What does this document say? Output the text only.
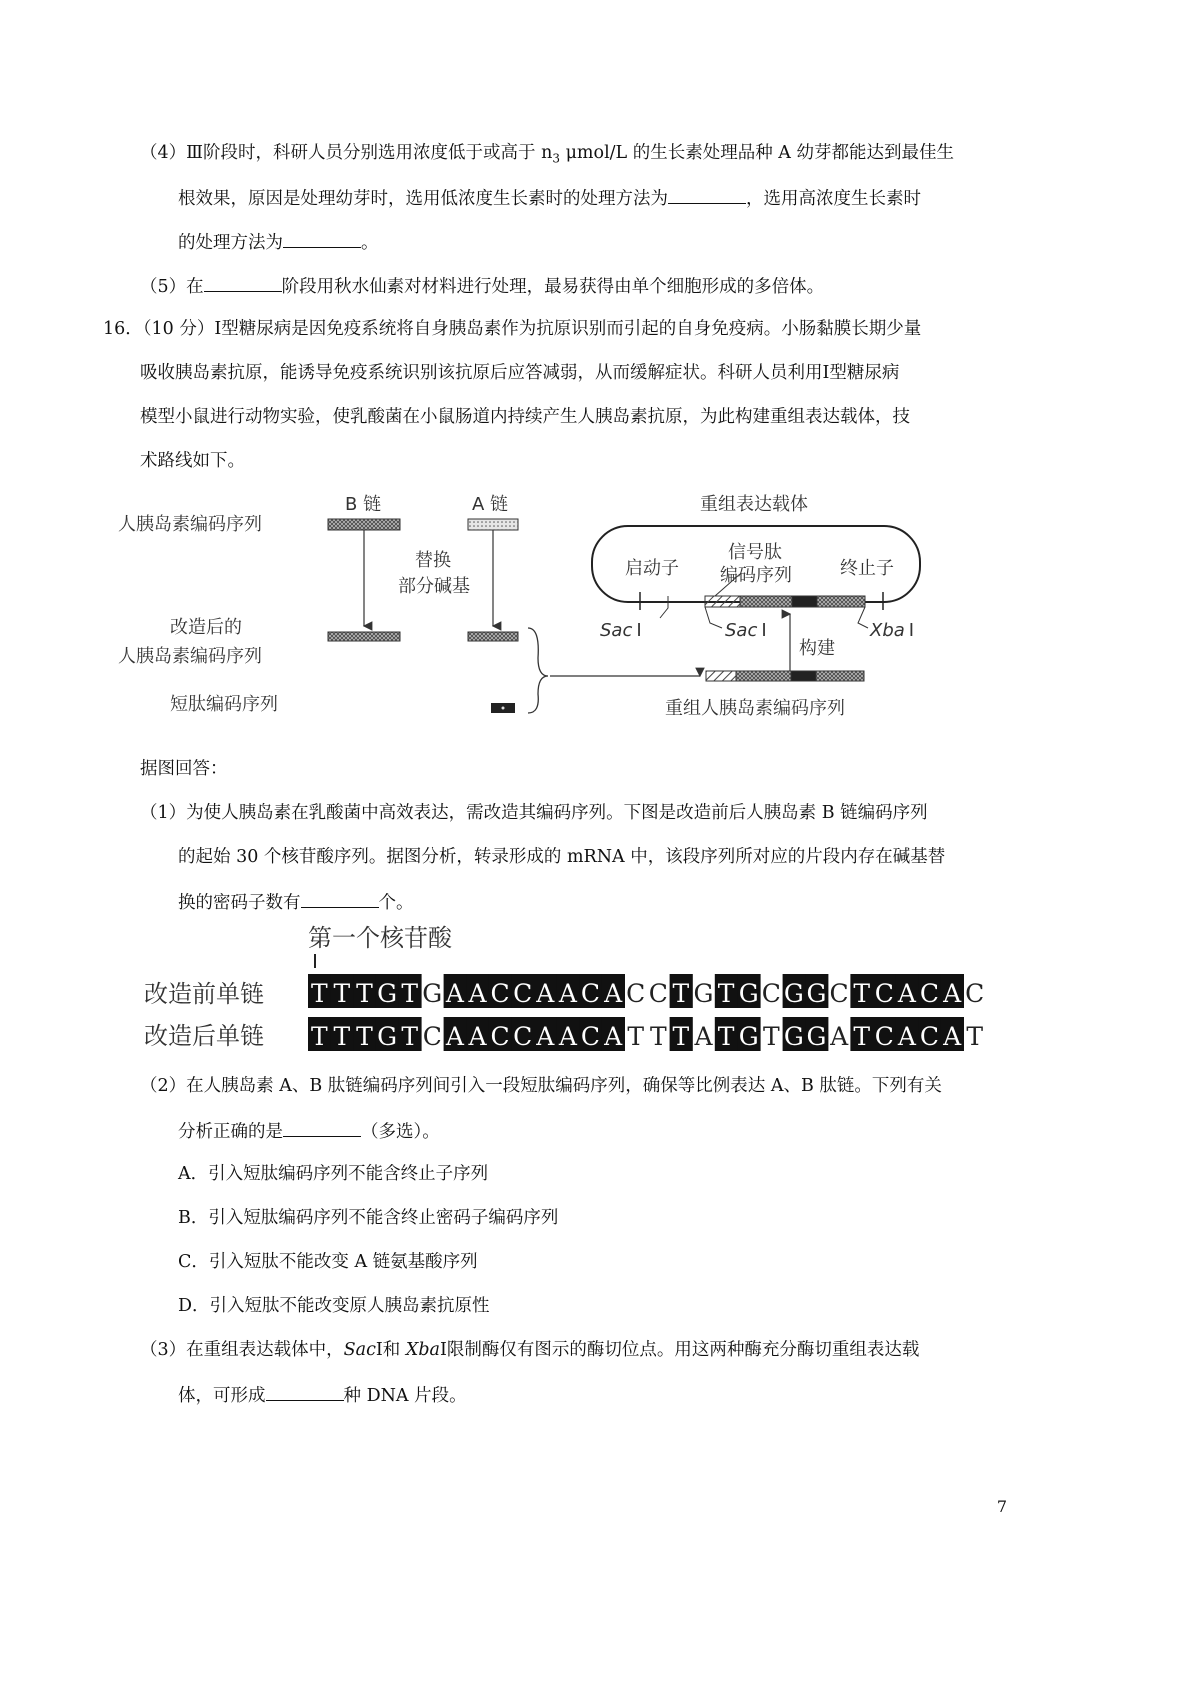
（4）Ⅲ阶段时，科研人员分别选用浓度低于或高于 $n_3$ μmol/L 的生长素处理品种 A 幼芽都能达到最佳生
根效果，原因是处理幼芽时，选用低浓度生长素时的处理方法为	，选用高浓度生长素时
的处理方法为	。
（5）在	阶段用秋水仙素对材料进行处理，最易获得由单个细胞形成的多倍体。
16．（10 分）Ⅰ型糖尿病是因免疫系统将自身胰岛素作为抗原识别而引起的自身免疫病。小肠黏膜长期少量
吸收胰岛素抗原，能诱导免疫系统识别该抗原后应答减弱，从而缓解症状。科研人员利用Ⅰ型糖尿病
模型小鼠进行动物实验，使乳酸菌在小鼠肠道内持续产生人胰岛素抗原，为此构建重组表达载体，技
术路线如下。
人胰岛素编码序列
改造后的
人胰岛素编码序列
短肽编码序列
B 链	A 链
替换
部分碱基
重组人胰岛素编码序列
构建
重组表达载体
启动子
信号肽
编码序列	终止子
Sac Ⅰ	Sac Ⅰ	Xba Ⅰ
据图回答：
（1）为使人胰岛素在乳酸菌中高效表达，需改造其编码序列。下图是改造前后人胰岛素 B 链编码序列
的起始 30 个核苷酸序列。据图分析，转录形成的 mRNA 中，该段序列所对应的片段内存在碱基替
换的密码子数有	个。
第一个核苷酸
改造前单链
改造后单链
T T T G T G A A C C A A C A C C T G T G C G G C T C A C A C
T T T G T C A A C C A A C A T T T A T G T G G A T C A C A T
（2）在人胰岛素 A、B 肽链编码序列间引入一段短肽编码序列，确保等比例表达 A、B 肽链。下列有关
分析正确的是	（多选）。
A．引入短肽编码序列不能含终止子序列
B．引入短肽编码序列不能含终止密码子编码序列
C．引入短肽不能改变 A 链氨基酸序列
D．引入短肽不能改变原人胰岛素抗原性
（3）在重组表达载体中，SacⅠ和 XbaⅠ限制酶仅有图示的酶切位点。用这两种酶充分酶切重组表达载
体，可形成	种 DNA 片段。
7
